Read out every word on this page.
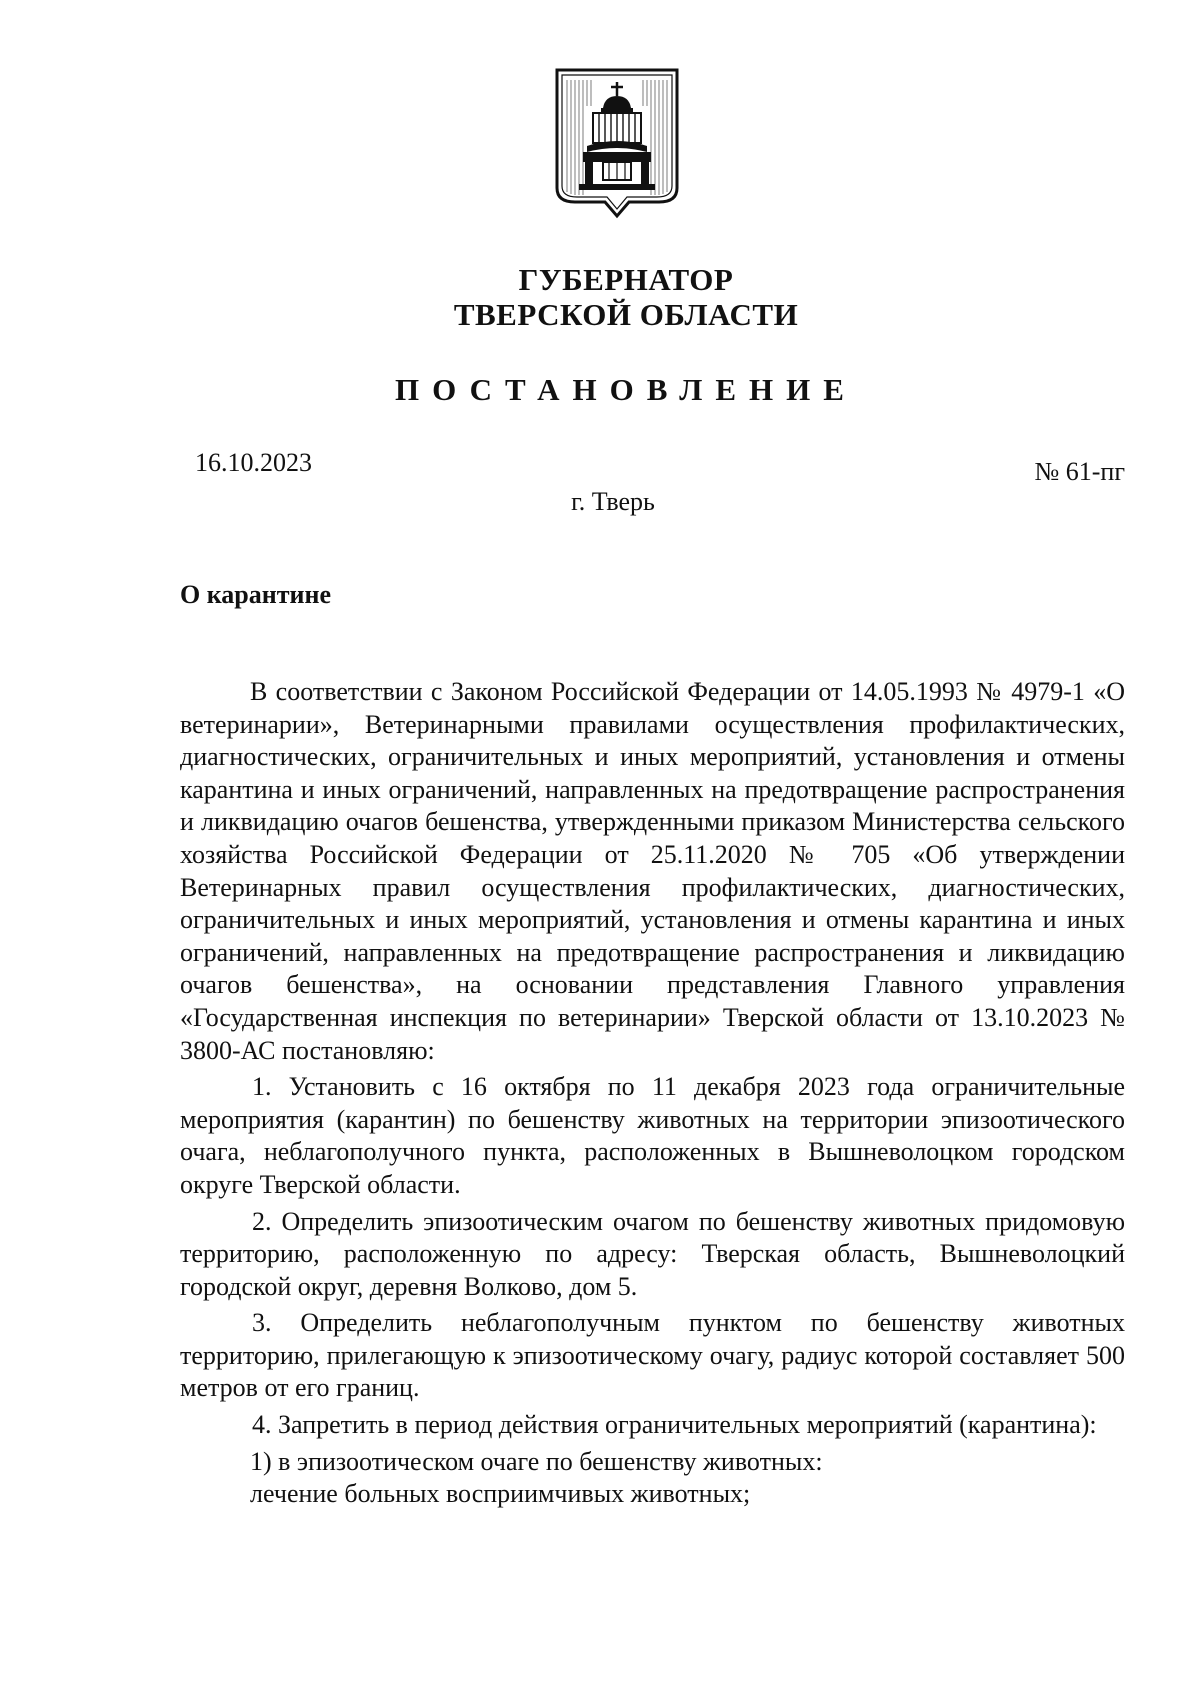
ГУБЕРНАТОР
ТВЕРСКОЙ ОБЛАСТИ
ПОСТАНОВЛЕНИЕ
16.10.2023	№ 61-пг
г. Тверь
О карантине

В соответствии с Законом Российской Федерации от 14.05.1993 № 4979-1 «О ветеринарии», Ветеринарными правилами осуществления профилактических, диагностических, ограничительных и иных мероприятий, установления и отмены карантина и иных ограничений, направленных на предотвращение распространения и ликвидацию очагов бешенства, утвержденными приказом Министерства сельского хозяйства Российской Федерации от 25.11.2020 № 705 «Об утверждении Ветеринарных правил осуществления профилактических, диагностических, ограничительных и иных мероприятий, установления и отмены карантина и иных ограничений, направленных на предотвращение распространения и ликвидацию очагов бешенства», на основании представления Главного управления «Государственная инспекция по ветеринарии» Тверской области от 13.10.2023 № 3800-АС постановляю:

1. Установить с 16 октября по 11 декабря 2023 года ограничительные мероприятия (карантин) по бешенству животных на территории эпизоотического очага, неблагополучного пункта, расположенных в Вышневолоцком городском округе Тверской области.

2. Определить эпизоотическим очагом по бешенству животных придомовую территорию, расположенную по адресу: Тверская область, Вышневолоцкий городской округ, деревня Волково, дом 5.

3. Определить неблагополучным пунктом по бешенству животных территорию, прилегающую к эпизоотическому очагу, радиус которой составляет 500 метров от его границ.

4. Запретить в период действия ограничительных мероприятий (карантина):

1) в эпизоотическом очаге по бешенству животных:

лечение больных восприимчивых животных;
